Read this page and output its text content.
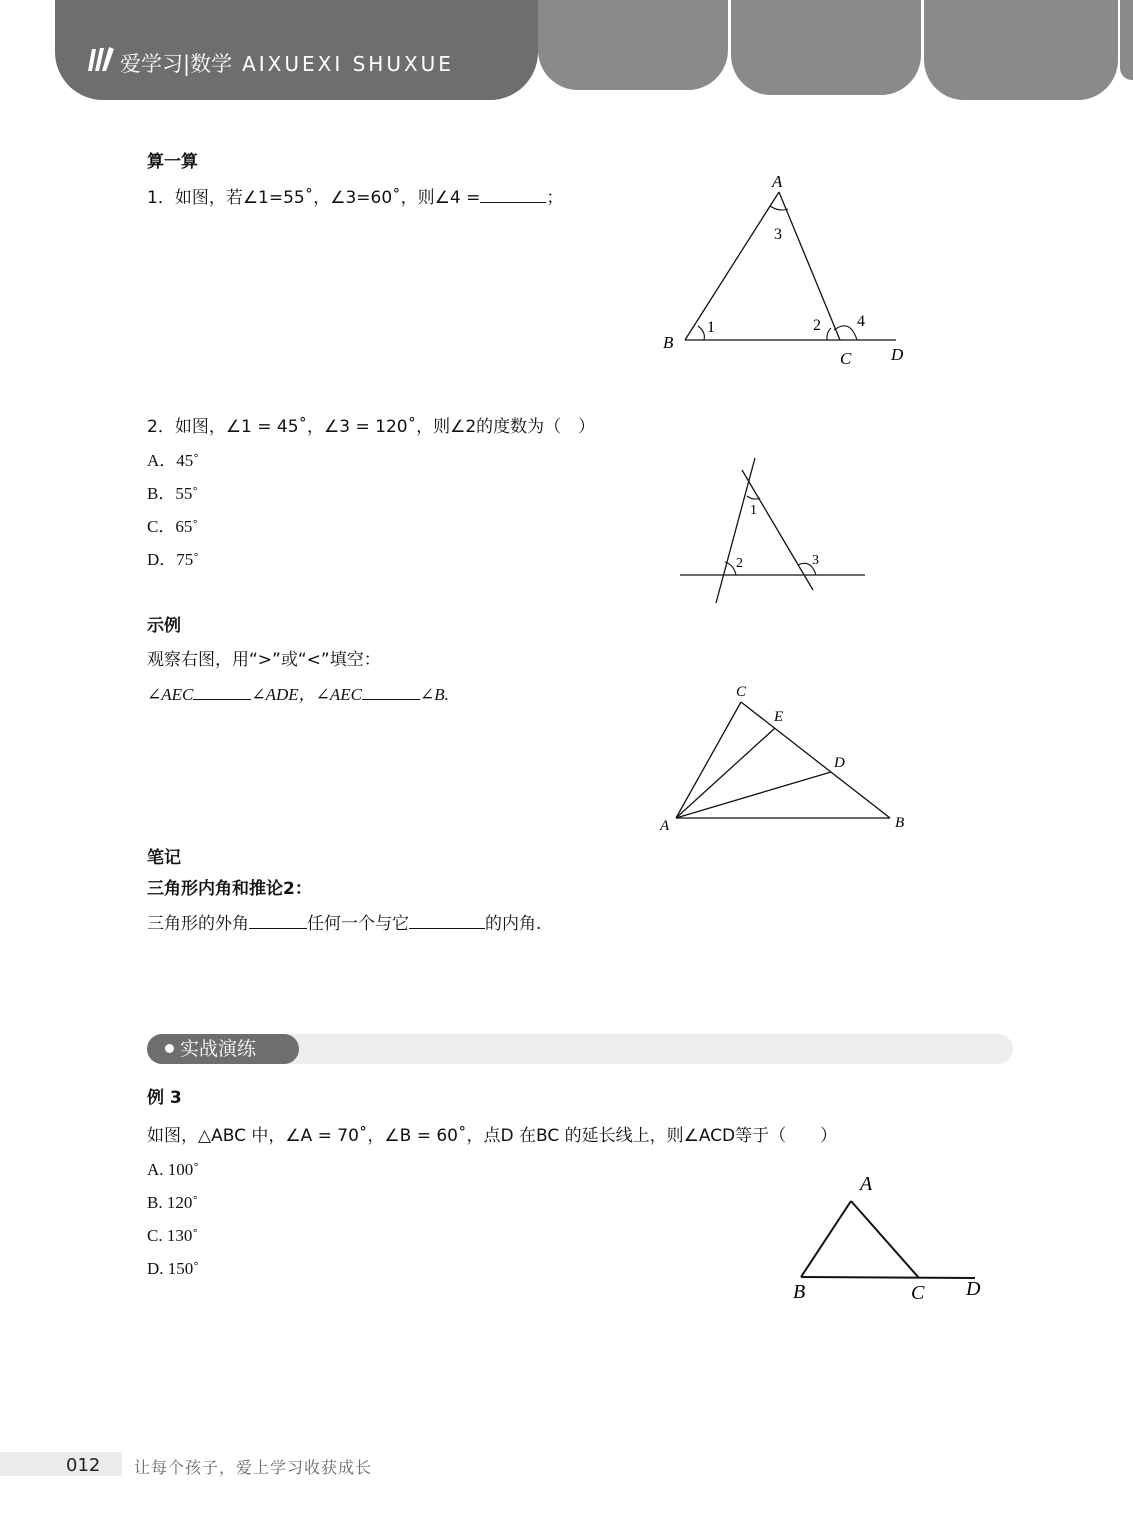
爱学习|数学 AIXUEXI SHUXUE
算一算
1．如图，若∠1=55˚，∠3=60˚，则∠4 =	；
A
3
B
1	2 4
C D
2．如图，∠1 = 45˚，∠3 = 120˚，则∠2的度数为（　）
A．45˚
B．55˚
C．65˚
D．75˚
1
2	3
示例
观察右图，用“>”或“<”填空：
∠AEC	∠ADE，∠AEC	∠B.	C
E
D
A	B
笔记
三角形内角和推论2：
三角形的外角	任何一个与它	的内角.
实战演练
例 3
如图，△ABC 中，∠A = 70˚，∠B = 60˚，点D 在BC 的延长线上，则∠ACD等于（　　）
A. 100˚
B. 120˚
C. 130˚
D. 150˚
A
B	C D
012 让每个孩子，爱上学习收获成长
